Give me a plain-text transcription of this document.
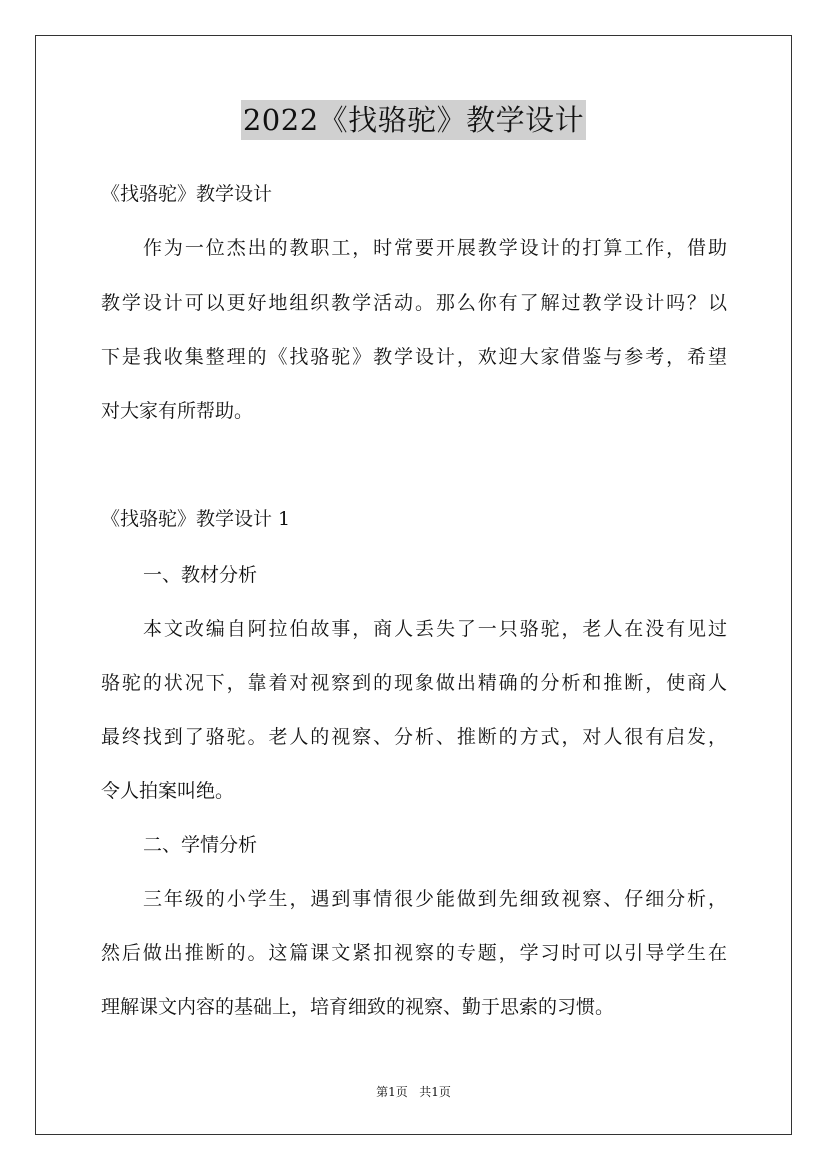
2022《找骆驼》教学设计
《找骆驼》教学设计
作为一位杰出的教职工，时常要开展教学设计的打算工作，借助
教学设计可以更好地组织教学活动。那么你有了解过教学设计吗？以
下是我收集整理的《找骆驼》教学设计，欢迎大家借鉴与参考，希望
对大家有所帮助。
《找骆驼》教学设计 1
一、教材分析
本文改编自阿拉伯故事，商人丢失了一只骆驼，老人在没有见过
骆驼的状况下，靠着对视察到的现象做出精确的分析和推断，使商人
最终找到了骆驼。老人的视察、分析、推断的方式，对人很有启发，
令人拍案叫绝。
二、学情分析
三年级的小学生，遇到事情很少能做到先细致视察、仔细分析，
然后做出推断的。这篇课文紧扣视察的专题，学习时可以引导学生在
理解课文内容的基础上，培育细致的视察、勤于思索的习惯。
第1页 共1页
